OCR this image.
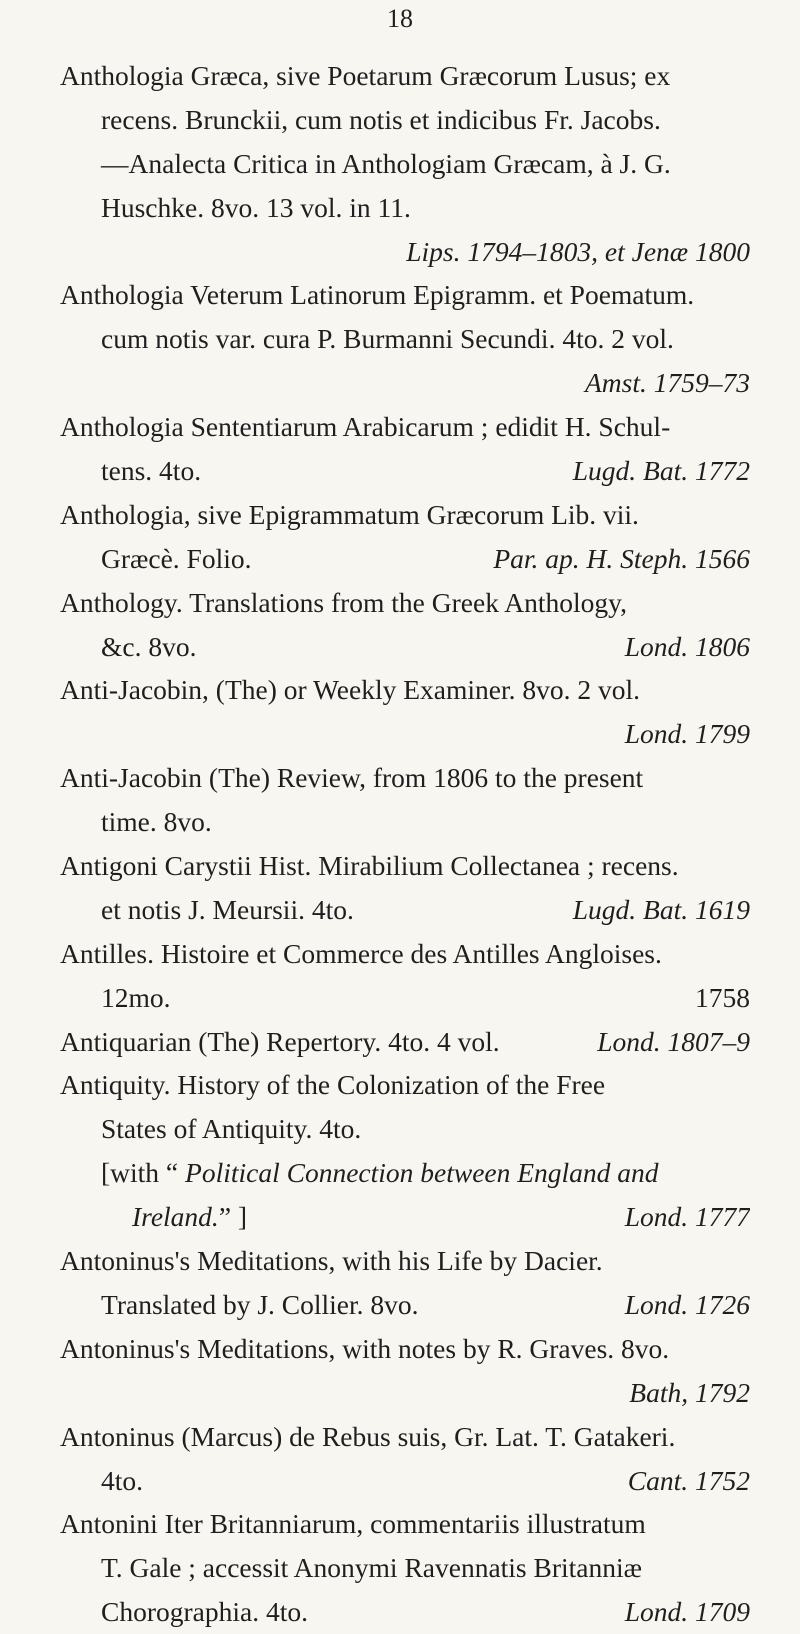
18
Anthologia Græca, sive Poetarum Græcorum Lusus; ex
recens. Brunckii, cum notis et indicibus Fr. Jacobs.
—Analecta Critica in Anthologiam Græcam, à J. G.
Huschke. 8vo. 13 vol. in 11.
Lips. 1794–1803, et Jenæ 1800
Anthologia Veterum Latinorum Epigramm. et Poematum.
cum notis var. cura P. Burmanni Secundi. 4to. 2 vol.
Amst. 1759–73
Anthologia Sententiarum Arabicarum ; edidit H. Schul-
tens. 4to.	Lugd. Bat. 1772
Anthologia, sive Epigrammatum Græcorum Lib. vii.
Græcè. Folio.	Par. ap. H. Steph. 1566
Anthology. Translations from the Greek Anthology,
&c. 8vo.	Lond. 1806
Anti-Jacobin, (The) or Weekly Examiner. 8vo. 2 vol.
Lond. 1799
Anti-Jacobin (The) Review, from 1806 to the present
time. 8vo.
Antigoni Carystii Hist. Mirabilium Collectanea ; recens.
et notis J. Meursii. 4to.	Lugd. Bat. 1619
Antilles. Histoire et Commerce des Antilles Angloises.
12mo.	1758
Antiquarian (The) Repertory. 4to. 4 vol.	Lond. 1807–9
Antiquity. History of the Colonization of the Free
States of Antiquity. 4to.
[with “ Political Connection between England and
Ireland.” ]	Lond. 1777
Antoninus's Meditations, with his Life by Dacier.
Translated by J. Collier. 8vo.	Lond. 1726
Antoninus's Meditations, with notes by R. Graves. 8vo.
Bath, 1792
Antoninus (Marcus) de Rebus suis, Gr. Lat. T. Gatakeri.
4to.	Cant. 1752
Antonini Iter Britanniarum, commentariis illustratum
T. Gale ; accessit Anonymi Ravennatis Britanniæ
Chorographia. 4to.	Lond. 1709
